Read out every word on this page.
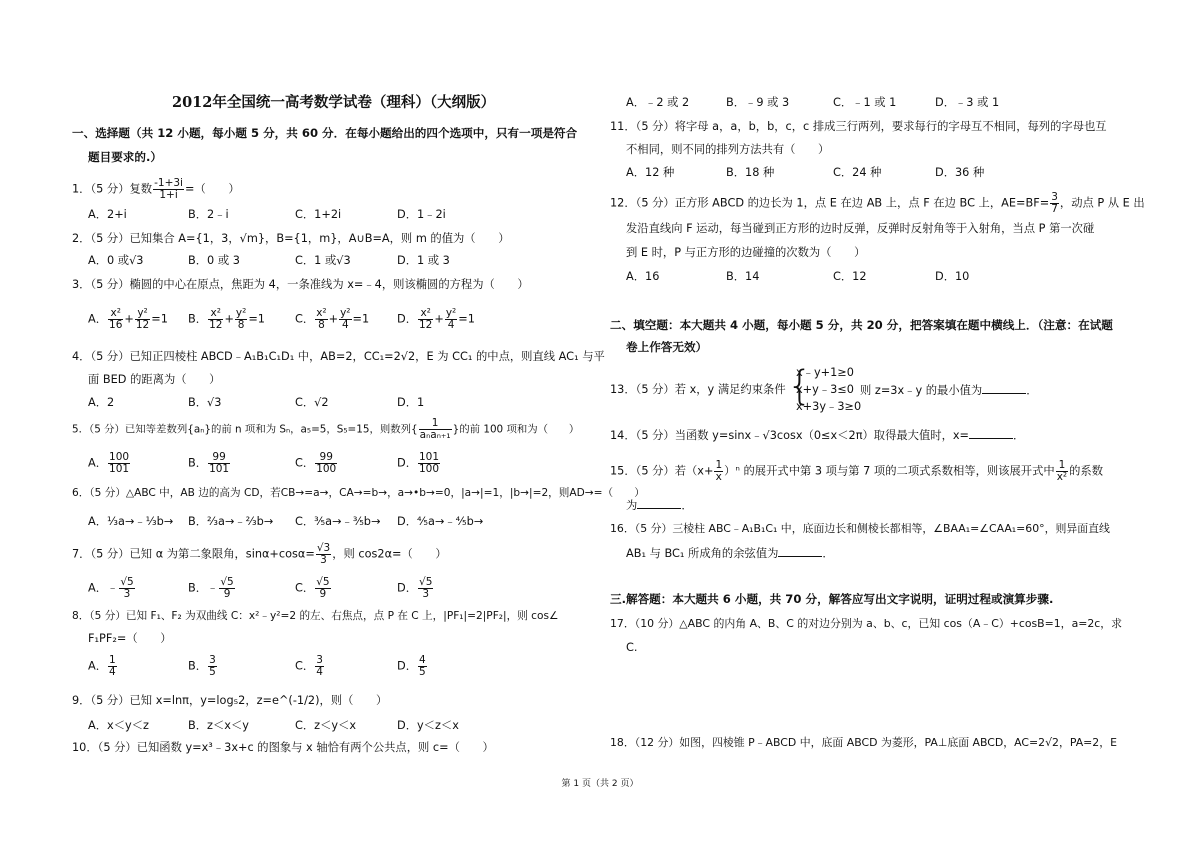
2012年全国统一高考数学试卷（理科）（大纲版）
一、选择题（共 12 小题，每小题 5 分，共 60 分．在每小题给出的四个选项中，只有一项是符合
题目要求的.）
1．（5 分）复数 $\frac{-1+3i}{1+i}$ =（　　）
A．2+i	B．2﹣i	C．1+2i	D．1﹣2i
2．（5 分）已知集合 A={1，3，√m}，B={1，m}，A∪B=A，则 m 的值为（　　）
A．0 或√3	B．0 或 3	C．1 或√3	D．1 或 3
3．（5 分）椭圆的中心在原点，焦距为 4，一条准线为 x=﹣4，则该椭圆的方程为（　　）
A． $\frac{\text{x²}}{16} + \frac{\text{y²}}{12} =1$ B． $\frac{\text{x²}}{12} + \frac{\text{y²}}{8} =1$	C． $\frac{\text{x²}}{8} + \frac{\text{y²}}{4} =1$ D． $\frac{\text{x²}}{12} + \frac{\text{y²}}{4} =1$
4．（5 分）已知正四棱柱 ABCD﹣A₁B₁C₁D₁ 中，AB=2，CC₁=2√2，E 为 CC₁ 的中点，则直线 AC₁ 与平
面 BED 的距离为（　　）
A．2	B．√3	C．√2	D．1
5．（5 分）已知等差数列{aₙ}的前 n 项和为 Sₙ，a₅=5，S₅=15，则数列{
1
aₙaₙ₊₁ }的前 100 项和为（　　）
A． $\frac{100}{101}$	B． $\frac{99}{101}$	C． $\frac{99}{100}$	D． $\frac{101}{100}$
6．（5 分）△ABC 中，AB 边的高为 CD，若CB→=a→，CA→=b→，a→•b→=0，|a→|=1，|b→|=2，则AD→=（　　）
A．⅓a→﹣⅓b→ B．⅔a→﹣⅔b→ C．⅗a→﹣⅗b→ D．⅘a→﹣⅘b→
7．（5 分）已知 α 为第二象限角，$\sin\alpha+\cos\alpha= \frac{√3}{3}$ ，则 cos2α=（　　）
A．﹣ $\frac{√5}{3}$	B．﹣ $\frac{√5}{9}$	C． $\frac{√5}{9}$	D． $\frac{√5}{3}$
8．（5 分）已知 F₁、F₂ 为双曲线 C：x²﹣y²=2 的左、右焦点，点 P 在 C 上，|PF₁|=2|PF₂|，则 cos∠
F₁PF₂=（　　）
A． $\frac{1}{4}$	B． $\frac{3}{5}$	C． $\frac{3}{4}$	D． $\frac{4}{5}$
9．（5 分）已知 x=lnπ，y=log₅2，z=e^(-1/2)，则（　　）
A．x＜y＜z	B．z＜x＜y	C．z＜y＜x	D．y＜z＜x
10．（5 分）已知函数 y=x³﹣3x+c 的图象与 x 轴恰有两个公共点，则 c=（　　）
A．﹣2 或 2	B．﹣9 或 3	C．﹣1 或 1	D．﹣3 或 1
11．（5 分）将字母 a，a，b，b，c，c 排成三行两列，要求每行的字母互不相同，每列的字母也互
不相同，则不同的排列方法共有（　　）
A．12 种	B．18 种	C．24 种	D．36 种
12．（5 分）正方形 ABCD 的边长为 1，点 E 在边 AB 上，点 F 在边 BC 上，$AE=BF= \frac{3}{7}$ ，动点 P 从 E 出
发沿直线向 F 运动，每当碰到正方形的边时反弹，反弹时反射角等于入射角，当点 P 第一次碰
到 E 时，P 与正方形的边碰撞的次数为（　　）
A．16	B．14	C．12	D．10
二、填空题：本大题共 4 小题，每小题 5 分，共 20 分，把答案填在题中横线上．（注意：在试题
卷上作答无效）
13．（5 分）若 x，y 满足约束条件 {
x﹣y+1≥0
x+y﹣3≤0
x+3y﹣3≥0
则 z=3x﹣y 的最小值为	．
14．（5 分）当函数 y=sinx﹣√3cosx（0≤x＜2π）取得最大值时，x=	．
15．（5 分）若$(x+ \frac{1}{x} )^n$ 的展开式中第 3 项与第 7 项的二项式系数相等，则该展开式中 $\frac{1}{\text{x²}}$ 的系数
为	．
16．（5 分）三棱柱 ABC﹣A₁B₁C₁ 中，底面边长和侧棱长都相等，∠BAA₁=∠CAA₁=60°，则异面直线
AB₁ 与 BC₁ 所成角的余弦值为	．
三.解答题：本大题共 6 小题，共 70 分，解答应写出文字说明，证明过程或演算步骤.
17．（10 分）△ABC 的内角 A、B、C 的对边分别为 a、b、c，已知 cos（A﹣C）+cosB=1，a=2c，求
C.
18．（12 分）如图，四棱锥 P﹣ABCD 中，底面 ABCD 为菱形，PA⊥底面 ABCD，AC=2√2，PA=2，E
第 1 页（共 2 页）
